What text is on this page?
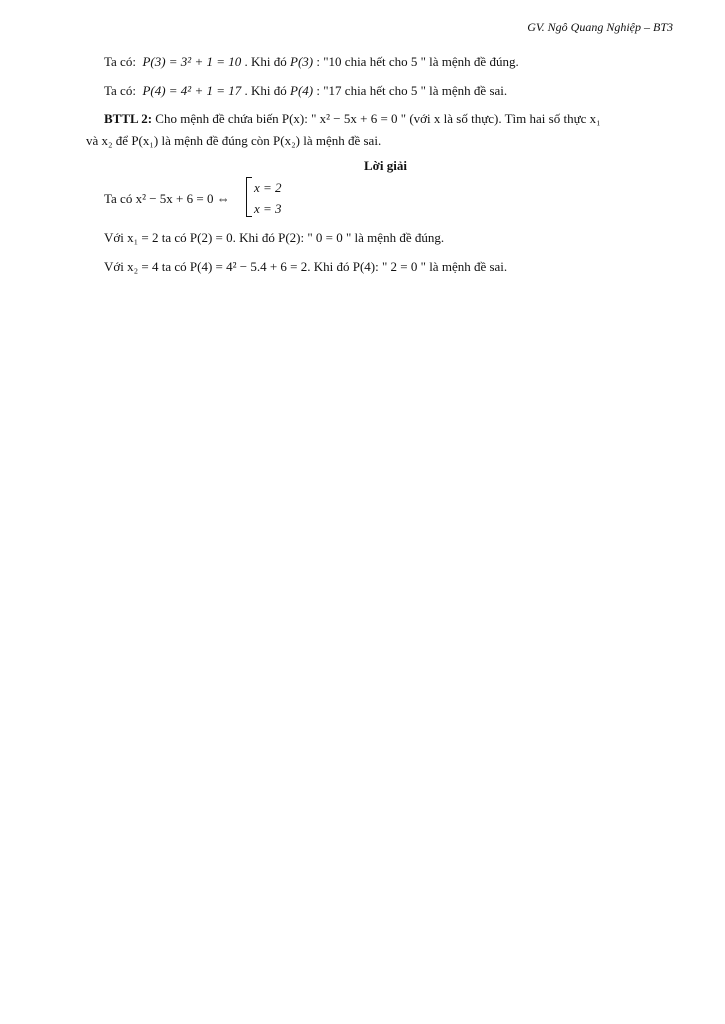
GV. Ngô Quang Nghiệp – BT3
Ta có: P(3) = 3² + 1 = 10 . Khi đó P(3) : "10 chia hết cho 5 " là mệnh đề đúng.
Ta có: P(4) = 4² + 1 = 17 . Khi đó P(4) : "17 chia hết cho 5 " là mệnh đề sai.
BTTL 2: Cho mệnh đề chứa biến P(x): " x² − 5x + 6 = 0 " (với x là số thực). Tìm hai số thực x₁
và x₂ để P(x₁) là mệnh đề đúng còn P(x₂) là mệnh đề sai.
Lời giải
Ta có x² − 5x + 6 = 0 ⇔
x = 2
x = 3
Với x₁ = 2 ta có P(2) = 0. Khi đó P(2): " 0 = 0 " là mệnh đề đúng.
Với x₂ = 4 ta có P(4) = 4² − 5.4 + 6 = 2. Khi đó P(4): " 2 = 0 " là mệnh đề sai.
